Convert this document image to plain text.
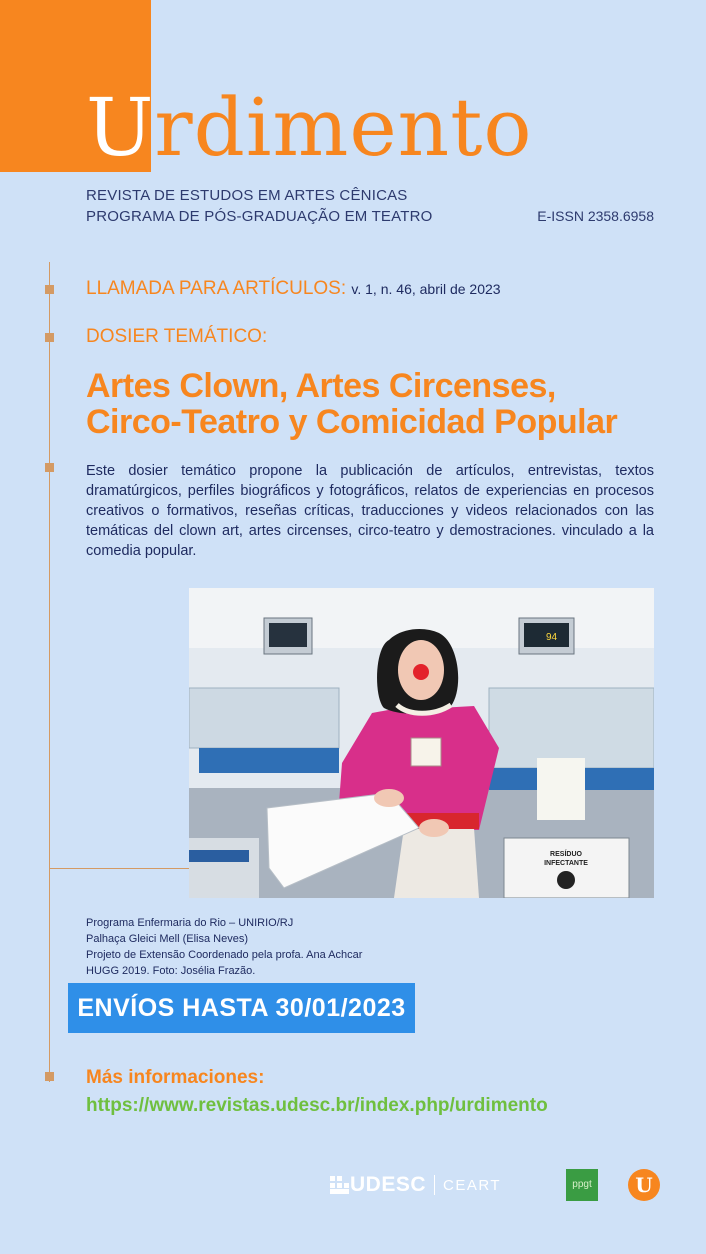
Urdimento
REVISTA DE ESTUDOS EM ARTES CÊNICAS
PROGRAMA DE PÓS-GRADUAÇÃO EM TEATRO	E-ISSN 2358.6958
LLAMADA PARA ARTÍCULOS: v. 1, n. 46, abril de 2023
DOSIER TEMÁTICO:
Artes Clown, Artes Circenses,
Circo-Teatro y Comicidad Popular
Este dosier temático propone la publicación de artículos, entrevistas, textos dramatúrgicos, perfiles biográficos y fotográficos, relatos de experiencias en procesos creativos o formativos, reseñas críticas, traducciones y videos relacionados con las temáticas del clown art, artes circenses, circo-teatro y demostraciones. vinculado a la comedia popular.
94
RESÍDUO
INFECTANTE
Programa Enfermaria do Rio – UNIRIO/RJ
Palhaça Gleici Mell (Elisa Neves)
Projeto de Extensão Coordenado pela profa. Ana Achcar
HUGG 2019. Foto: Josélia Frazão.
ENVÍOS HASTA 30/01/2023
Más informaciones:
https://www.revistas.udesc.br/index.php/urdimento
UDESC CEART	ppgt	U
